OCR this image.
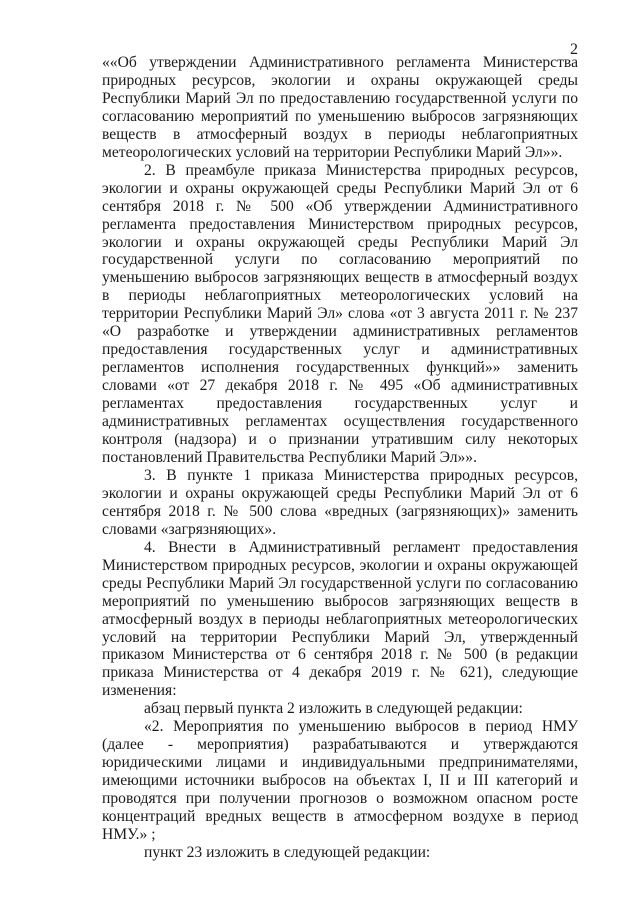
2

««Об утверждении Административного регламента Министерства природных ресурсов, экологии и охраны окружающей среды Республики Марий Эл по предоставлению государственной услуги по согласованию мероприятий по уменьшению выбросов загрязняющих веществ в атмосферный воздух в периоды неблагоприятных метеорологических условий на территории Республики Марий Эл»».

2. В преамбуле приказа Министерства природных ресурсов, экологии и охраны окружающей среды Республики Марий Эл от 6 сентября 2018 г. № 500 «Об утверждении Административного регламента предоставления Министерством природных ресурсов, экологии и охраны окружающей среды Республики Марий Эл государственной услуги по согласованию мероприятий по уменьшению выбросов загрязняющих веществ в атмосферный воздух в периоды неблагоприятных метеорологических условий на территории Республики Марий Эл» слова «от 3 августа 2011 г. № 237 «О разработке и утверждении административных регламентов предоставления государственных услуг и административных регламентов исполнения государственных функций»» заменить словами «от 27 декабря 2018 г. № 495 «Об административных регламентах предоставления государственных услуг и административных регламентах осуществления государственного контроля (надзора) и о признании утратившим силу некоторых постановлений Правительства Республики Марий Эл»».

3. В пункте 1 приказа Министерства природных ресурсов, экологии и охраны окружающей среды Республики Марий Эл от 6 сентября 2018 г. № 500 слова «вредных (загрязняющих)» заменить словами «загрязняющих».

4. Внести в Административный регламент предоставления Министерством природных ресурсов, экологии и охраны окружающей среды Республики Марий Эл государственной услуги по согласованию мероприятий по уменьшению выбросов загрязняющих веществ в атмосферный воздух в периоды неблагоприятных метеорологических условий на территории Республики Марий Эл, утвержденный приказом Министерства от 6 сентября 2018 г. № 500 (в редакции приказа Министерства от 4 декабря 2019 г. № 621), следующие изменения:

абзац первый пункта 2 изложить в следующей редакции:

«2. Мероприятия по уменьшению выбросов в период НМУ (далее - мероприятия) разрабатываются и утверждаются юридическими лицами и индивидуальными предпринимателями, имеющими источники выбросов на объектах I, II и III категорий и проводятся при получении прогнозов о возможном опасном росте концентраций вредных веществ в атмосферном воздухе в период НМУ.» ;

пункт 23 изложить в следующей редакции:
